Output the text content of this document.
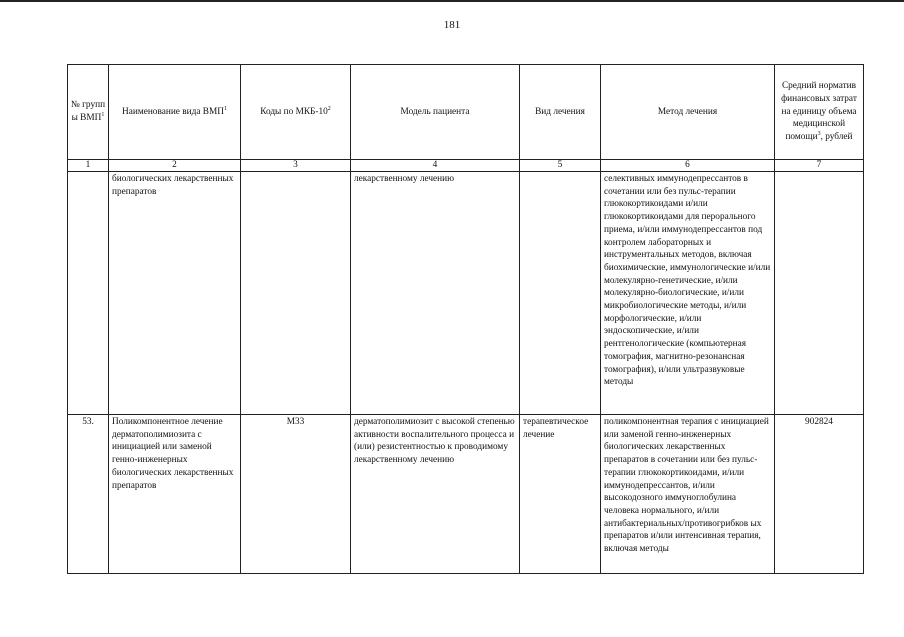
181
№ групп ы ВМП$^1$	Наименование вида ВМП$^1$	Коды по МКБ-$10^2$	Модель пациента	Вид лечения	Метод лечения	Средний норматив финансовых затрат на единицу объема медицинской помощи$^3$, рублей
1	2	3	4	5	6	7
	биологических лекарственных препаратов		лекарственному лечению		селективных иммунодепрессантов в сочетании или без пульс-терапии глюкокортикоидами и/или глюкокортикоидами для перорального приема, и/или иммунодепрессантов под контролем лабораторных и инструментальных методов, включая биохимические, иммунологические и/или молекулярно-генетические, и/или молекулярно-биологические, и/или микробиологические методы, и/или морфологические, и/или эндоскопические, и/или рентгенологические (компьютерная томография, магнитно-резонансная томография), и/или ультразвуковые методы	

53.	Поликомпонентное лечение дерматополимиозита с инициацией или заменой генно-инженерных биологических лекарственных препаратов	М33	дерматополимиозит с высокой степенью активности воспалительного процесса и (или) резистентностью к проводимому лекарственному лечению	терапевтическое лечение	поликомпонентная терапия с инициацией или заменой генно-инженерных биологических лекарственных препаратов в сочетании или без пульс-терапии глюкокортикоидами, и/или иммунодепрессантов, и/или высокодозного иммуноглобулина человека нормального, и/или антибактериальных/противогрибков ых препаратов и/или интенсивная терапия, включая методы	902824
